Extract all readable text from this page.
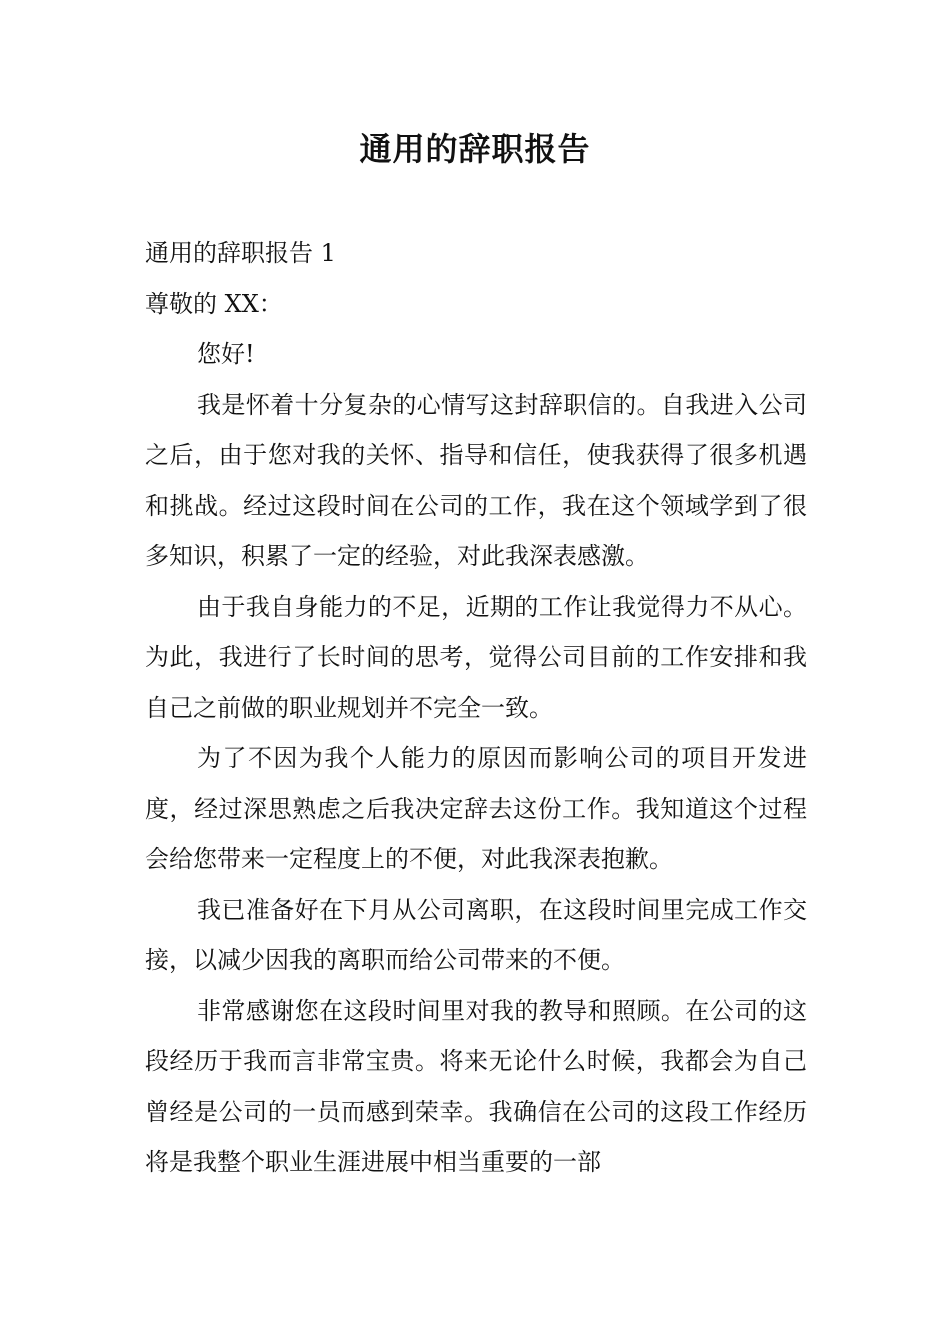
通用的辞职报告

通用的辞职报告 1

尊敬的 XX：

您好!

我是怀着十分复杂的心情写这封辞职信的。自我进入公司之后，由于您对我的关怀、指导和信任，使我获得了很多机遇和挑战。经过这段时间在公司的工作，我在这个领域学到了很多知识，积累了一定的经验，对此我深表感激。

由于我自身能力的不足，近期的工作让我觉得力不从心。为此，我进行了长时间的思考，觉得公司目前的工作安排和我自己之前做的职业规划并不完全一致。

为了不因为我个人能力的原因而影响公司的项目开发进度，经过深思熟虑之后我决定辞去这份工作。我知道这个过程会给您带来一定程度上的不便，对此我深表抱歉。

我已准备好在下月从公司离职，在这段时间里完成工作交接，以减少因我的离职而给公司带来的不便。

非常感谢您在这段时间里对我的教导和照顾。在公司的这段经历于我而言非常宝贵。将来无论什么时候，我都会为自己曾经是公司的一员而感到荣幸。我确信在公司的这段工作经历将是我整个职业生涯进展中相当重要的一部
